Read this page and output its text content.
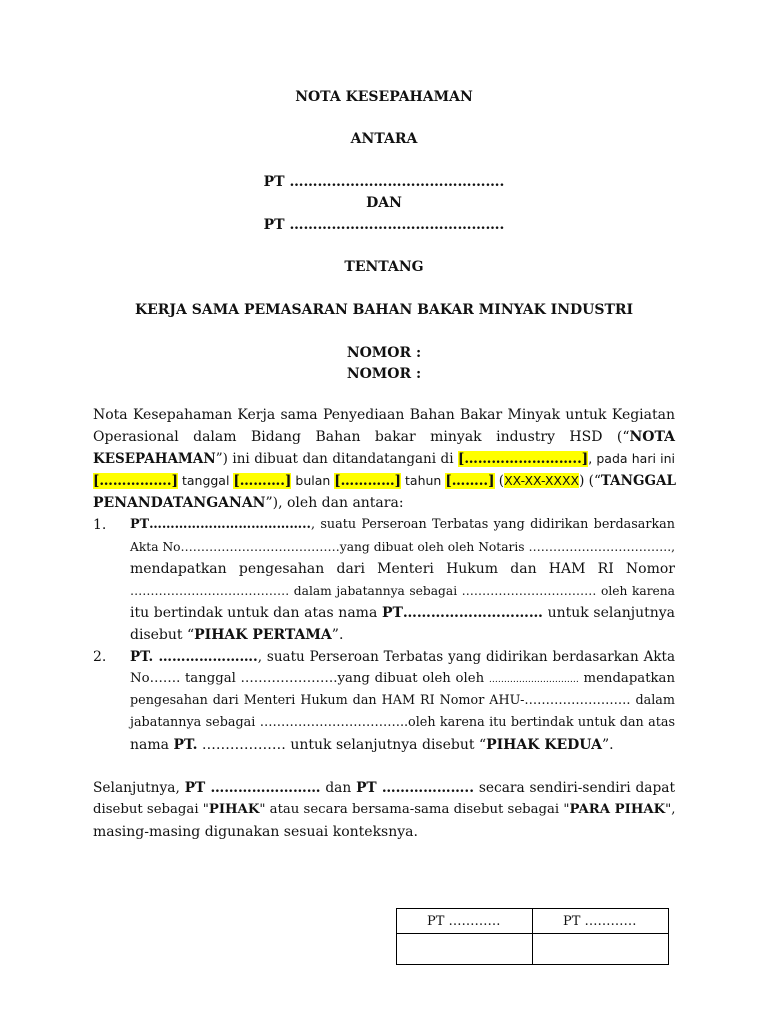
NOTA KESEPAHAMAN
ANTARA
PT ……………………………………….
DAN
PT ……………………………………….
TENTANG
KERJA SAMA PEMASARAN BAHAN BAKAR MINYAK INDUSTRI
NOMOR :
NOMOR :
Nota Kesepahaman Kerja sama Penyediaan Bahan Bakar Minyak untuk Kegiatan
Operasional dalam Bidang Bahan bakar minyak industry HSD (“NOTA
KESEPAHAMAN”) ini dibuat dan ditandatangani di [……………………..], pada hari ini
[…………….] tanggal [……….] bulan […………] tahun [……..] (XX-XX-XXXX) (“TANGGAL
PENANDATANGANAN”), oleh dan antara:
1. PT……………………………….., suatu Perseroan Terbatas yang didirikan berdasarkan
Akta No…………………………………yang dibuat oleh oleh Notaris ……………………………..,
mendapatkan pengesahan dari Menteri Hukum dan HAM RI Nomor
………………………………… dalam jabatannya sebagai …………………………… oleh karena
itu bertindak untuk dan atas nama PT………………………… untuk selanjutnya
disebut “PIHAK PERTAMA”.
2. PT. …………………., suatu Perseroan Terbatas yang didirikan berdasarkan Akta
No……. tanggal ………………….yang dibuat oleh oleh ………………………… mendapatkan
pengesahan dari Menteri Hukum dan HAM RI Nomor AHU-……………………. dalam
jabatannya sebagai ……………………………..oleh karena itu bertindak untuk dan atas
nama PT. ……………… untuk selanjutnya disebut “PIHAK KEDUA”.
Selanjutnya, PT …………………… dan PT ……………….. secara sendiri-sendiri dapat
disebut sebagai "PIHAK" atau secara bersama-sama disebut sebagai "PARA PIHAK",
masing-masing digunakan sesuai konteksnya.
PT …………	PT …………
